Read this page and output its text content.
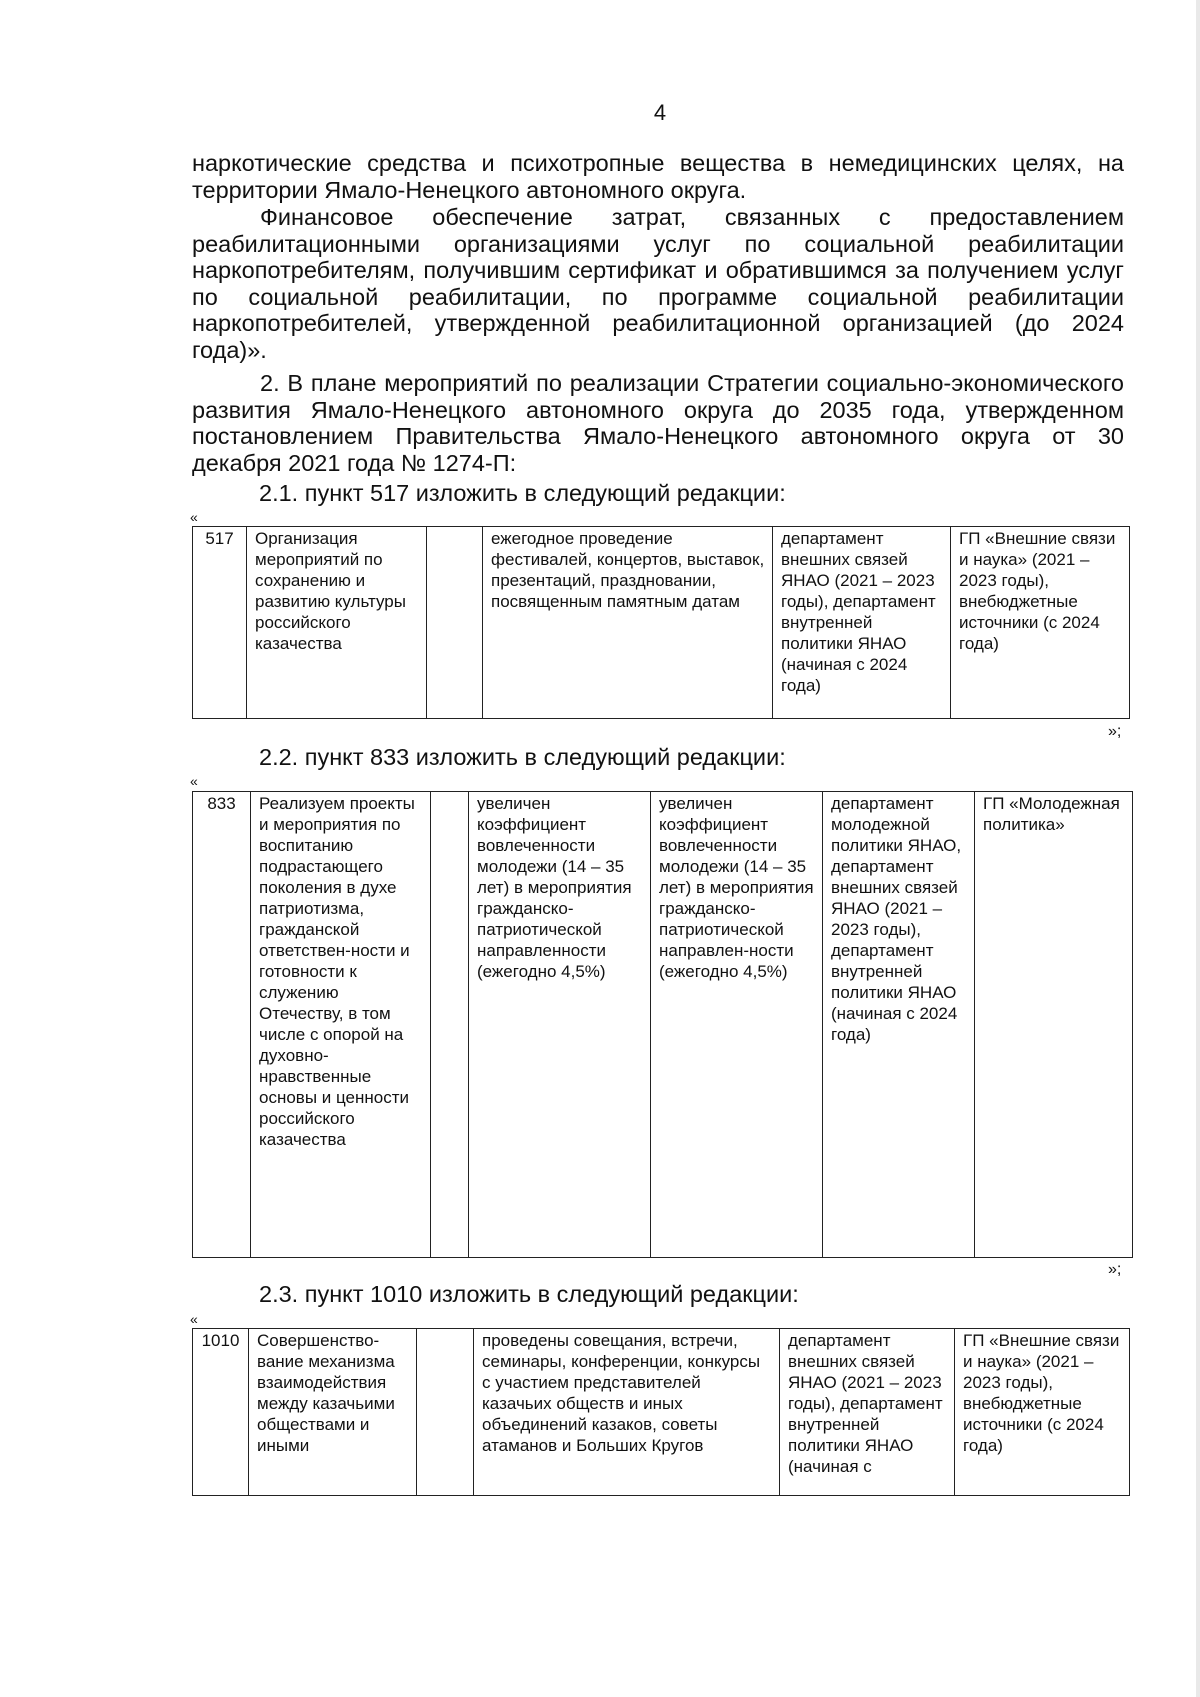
4

наркотические средства и психотропные вещества в немедицинских целях, на территории Ямало-Ненецкого автономного округа.

Финансовое обеспечение затрат, связанных с предоставлением реабилитационными организациями услуг по социальной реабилитации наркопотребителям, получившим сертификат и обратившимся за получением услуг по социальной реабилитации, по программе социальной реабилитации наркопотребителей, утвержденной реабилитационной организацией (до 2024 года)».

2. В плане мероприятий по реализации Стратегии социально-экономического развития Ямало-Ненецкого автономного округа до 2035 года, утвержденном постановлением Правительства Ямало-Ненецкого автономного округа от 30 декабря 2021 года № 1274-П:

2.1. пункт 517 изложить в следующий редакции:
«
517	Организация мероприятий по сохранению и развитию культуры российского казачества		ежегодное проведение фестивалей, концертов, выставок, презентаций, праздновании, посвященным памятным датам	департамент внешних связей ЯНАО (2021 – 2023 годы), департамент внутренней политики ЯНАО (начиная с 2024 года)	ГП «Внешние связи и наука» (2021 – 2023 годы), внебюджетные источники (с 2024 года)
»;
2.2. пункт 833 изложить в следующий редакции:
«
833	Реализуем проекты и мероприятия по воспитанию подрастающего поколения в духе патриотизма, гражданской ответствен-ности и готовности к служению Отечеству, в том числе с опорой на духовно-нравственные основы и ценности российского казачества		увеличен коэффициент вовлеченности молодежи (14 – 35 лет) в мероприятия гражданско-патриотической направленности (ежегодно 4,5%)	увеличен коэффициент вовлеченности молодежи (14 – 35 лет) в мероприятия гражданско-патриотической направлен-ности (ежегодно 4,5%)	департамент молодежной политики ЯНАО, департамент внешних связей ЯНАО (2021 – 2023 годы), департамент внутренней политики ЯНАО (начиная с 2024 года)	ГП «Молодежная политика»
»;
2.3. пункт 1010 изложить в следующий редакции:
«
1010	Совершенство-вание механизма взаимодействия между казачьими обществами и иными		проведены совещания, встречи, семинары, конференции, конкурсы с участием представителей казачьих обществ и иных объединений казаков, советы атаманов и Больших Кругов	департамент внешних связей ЯНАО (2021 – 2023 годы), департамент внутренней политики ЯНАО (начиная с	ГП «Внешние связи и наука» (2021 – 2023 годы), внебюджетные источники (с 2024 года)
